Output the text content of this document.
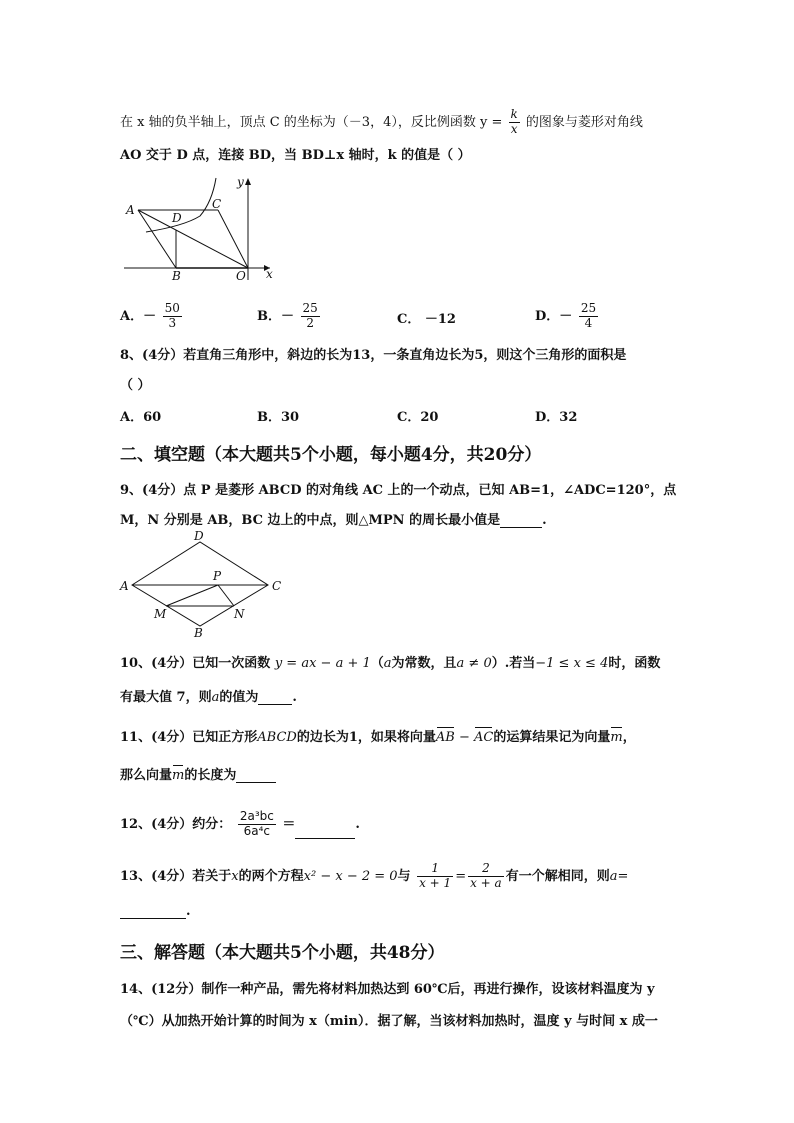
在 x 轴的负半轴上，顶点 C 的坐标为（－3，4），反比例函数 $y = \frac{k}{x}$ 的图象与菱形对角线
AO 交于 D 点，连接 BD，当 BD⊥x 轴时，k 的值是（ ）
A
D
C
B	O x
y
A．－ $\frac{50}{3}$	B．－ $\frac{25}{2}$	C． －12	D．－ $\frac{25}{4}$
8、(4分）若直角三角形中，斜边的长为13，一条直角边长为5，则这个三角形的面积是
（ ）
A．60	B．30	C．20	D．32
二、填空题（本大题共5个小题，每小题4分，共20分）
9、(4分）点 P 是菱形 ABCD 的对角线 AC 上的一个动点，已知 AB=1，∠ADC=120°，点
M，N 分别是 AB，BC 边上的中点，则△MPN 的周长最小值是	.
A
D
C
B
P
M	N
10、(4分）已知一次函数 y = ax − a + 1（a为常数，且a ≠ 0）.若当−1 ≤ x ≤ 4时，函数
有最大值 7，则a的值为	.
11、(4分）已知正方形ABCD的边长为1，如果将向量AB − AC的运算结果记为向量m，
那么向量m的长度为
12、(4分）约分： $\frac{\text{2a³bc}}{\text{6a⁴c}}$ ＝	.
13、(4分）若关于x的两个方程x² − x − 2 = 0与 $\frac{1}{x + 1} = \frac{2}{x + a}$ 有一个解相同，则a=
.
三、解答题（本大题共5个小题，共48分）
14、(12分）制作一种产品，需先将材料加热达到 60℃后，再进行操作，设该材料温度为 y
（℃）从加热开始计算的时间为 x（min）．据了解，当该材料加热时，温度 y 与时间 x 成一
